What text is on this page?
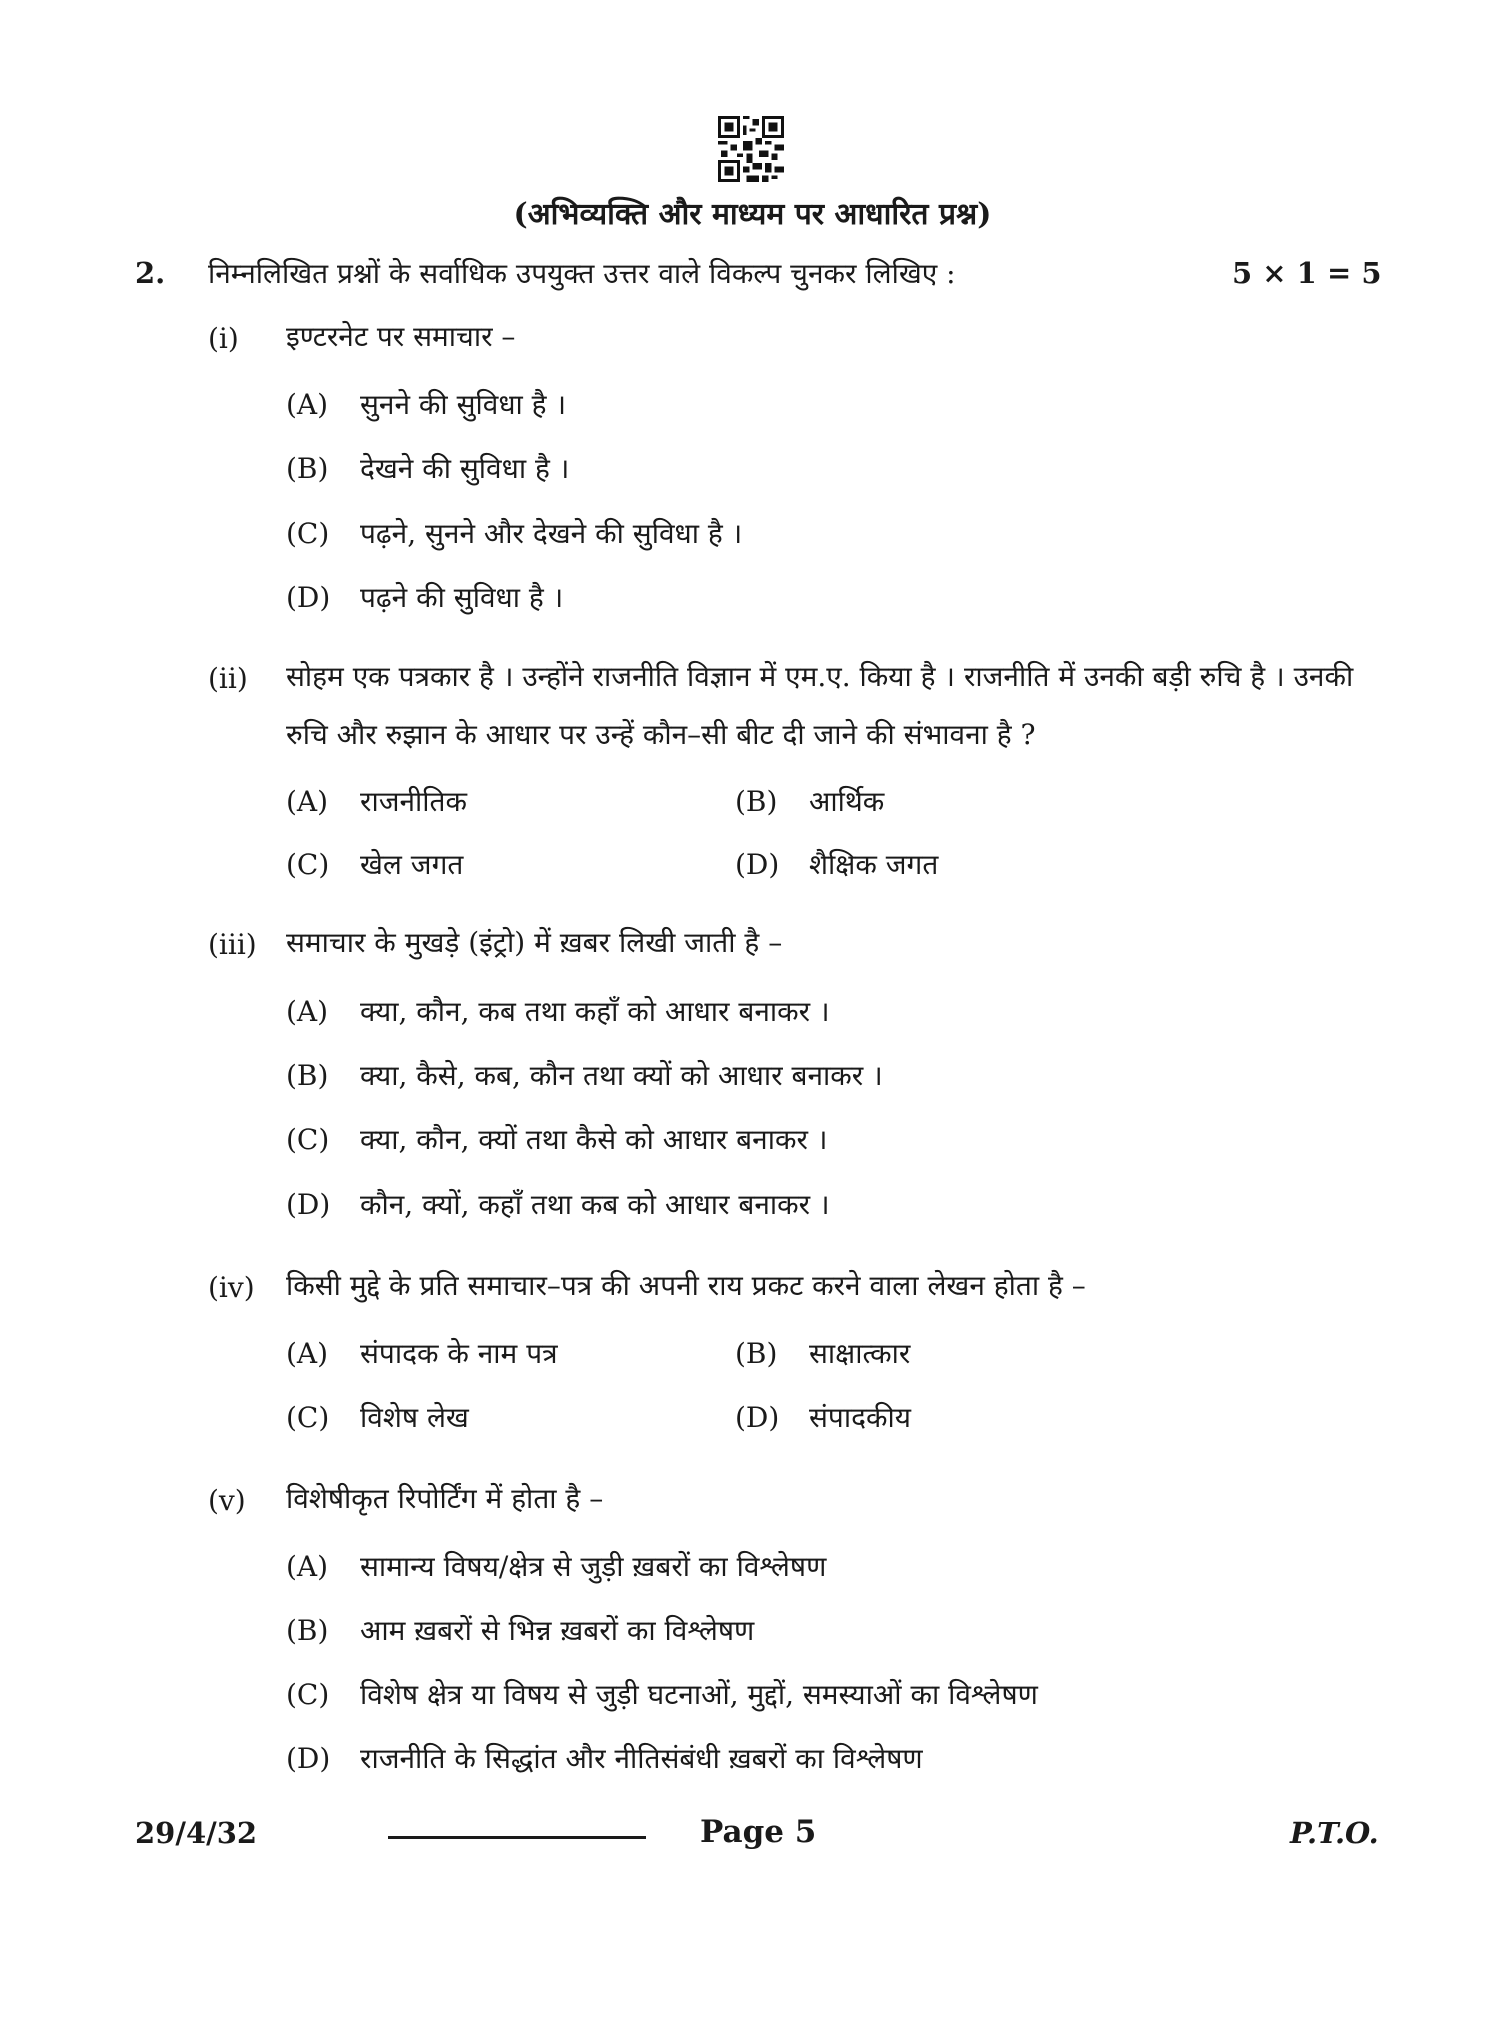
(अभिव्यक्ति और माध्यम पर आधारित प्रश्न)
2. निम्नलिखित प्रश्नों के सर्वाधिक उपयुक्त उत्तर वाले विकल्प चुनकर लिखिए :	5 × 1 = 5
(i) इण्टरनेट पर समाचार –
(A) सुनने की सुविधा है ।
(B) देखने की सुविधा है ।
(C) पढ़ने, सुनने और देखने की सुविधा है ।
(D) पढ़ने की सुविधा है ।
(ii) सोहम एक पत्रकार है । उन्होंने राजनीति विज्ञान में एम.ए. किया है । राजनीति में उनकी बड़ी रुचि है । उनकी रुचि और रुझान के आधार पर उन्हें कौन–सी बीट दी जाने की संभावना है ?
(A) राजनीतिक	(B) आर्थिक
(C) खेल जगत	(D) शैक्षिक जगत
(iii) समाचार के मुखड़े (इंट्रो) में ख़बर लिखी जाती है –
(A) क्या, कौन, कब तथा कहाँ को आधार बनाकर ।
(B) क्या, कैसे, कब, कौन तथा क्यों को आधार बनाकर ।
(C) क्या, कौन, क्यों तथा कैसे को आधार बनाकर ।
(D) कौन, क्यों, कहाँ तथा कब को आधार बनाकर ।
(iv) किसी मुद्दे के प्रति समाचार–पत्र की अपनी राय प्रकट करने वाला लेखन होता है –
(A) संपादक के नाम पत्र	(B) साक्षात्कार
(C) विशेष लेख	(D) संपादकीय
(v) विशेषीकृत रिपोर्टिंग में होता है –
(A) सामान्य विषय/क्षेत्र से जुड़ी ख़बरों का विश्लेषण
(B) आम ख़बरों से भिन्न ख़बरों का विश्लेषण
(C) विशेष क्षेत्र या विषय से जुड़ी घटनाओं, मुद्दों, समस्याओं का विश्लेषण
(D) राजनीति के सिद्धांत और नीतिसंबंधी ख़बरों का विश्लेषण
29/4/32	Page 5	P.T.O.
